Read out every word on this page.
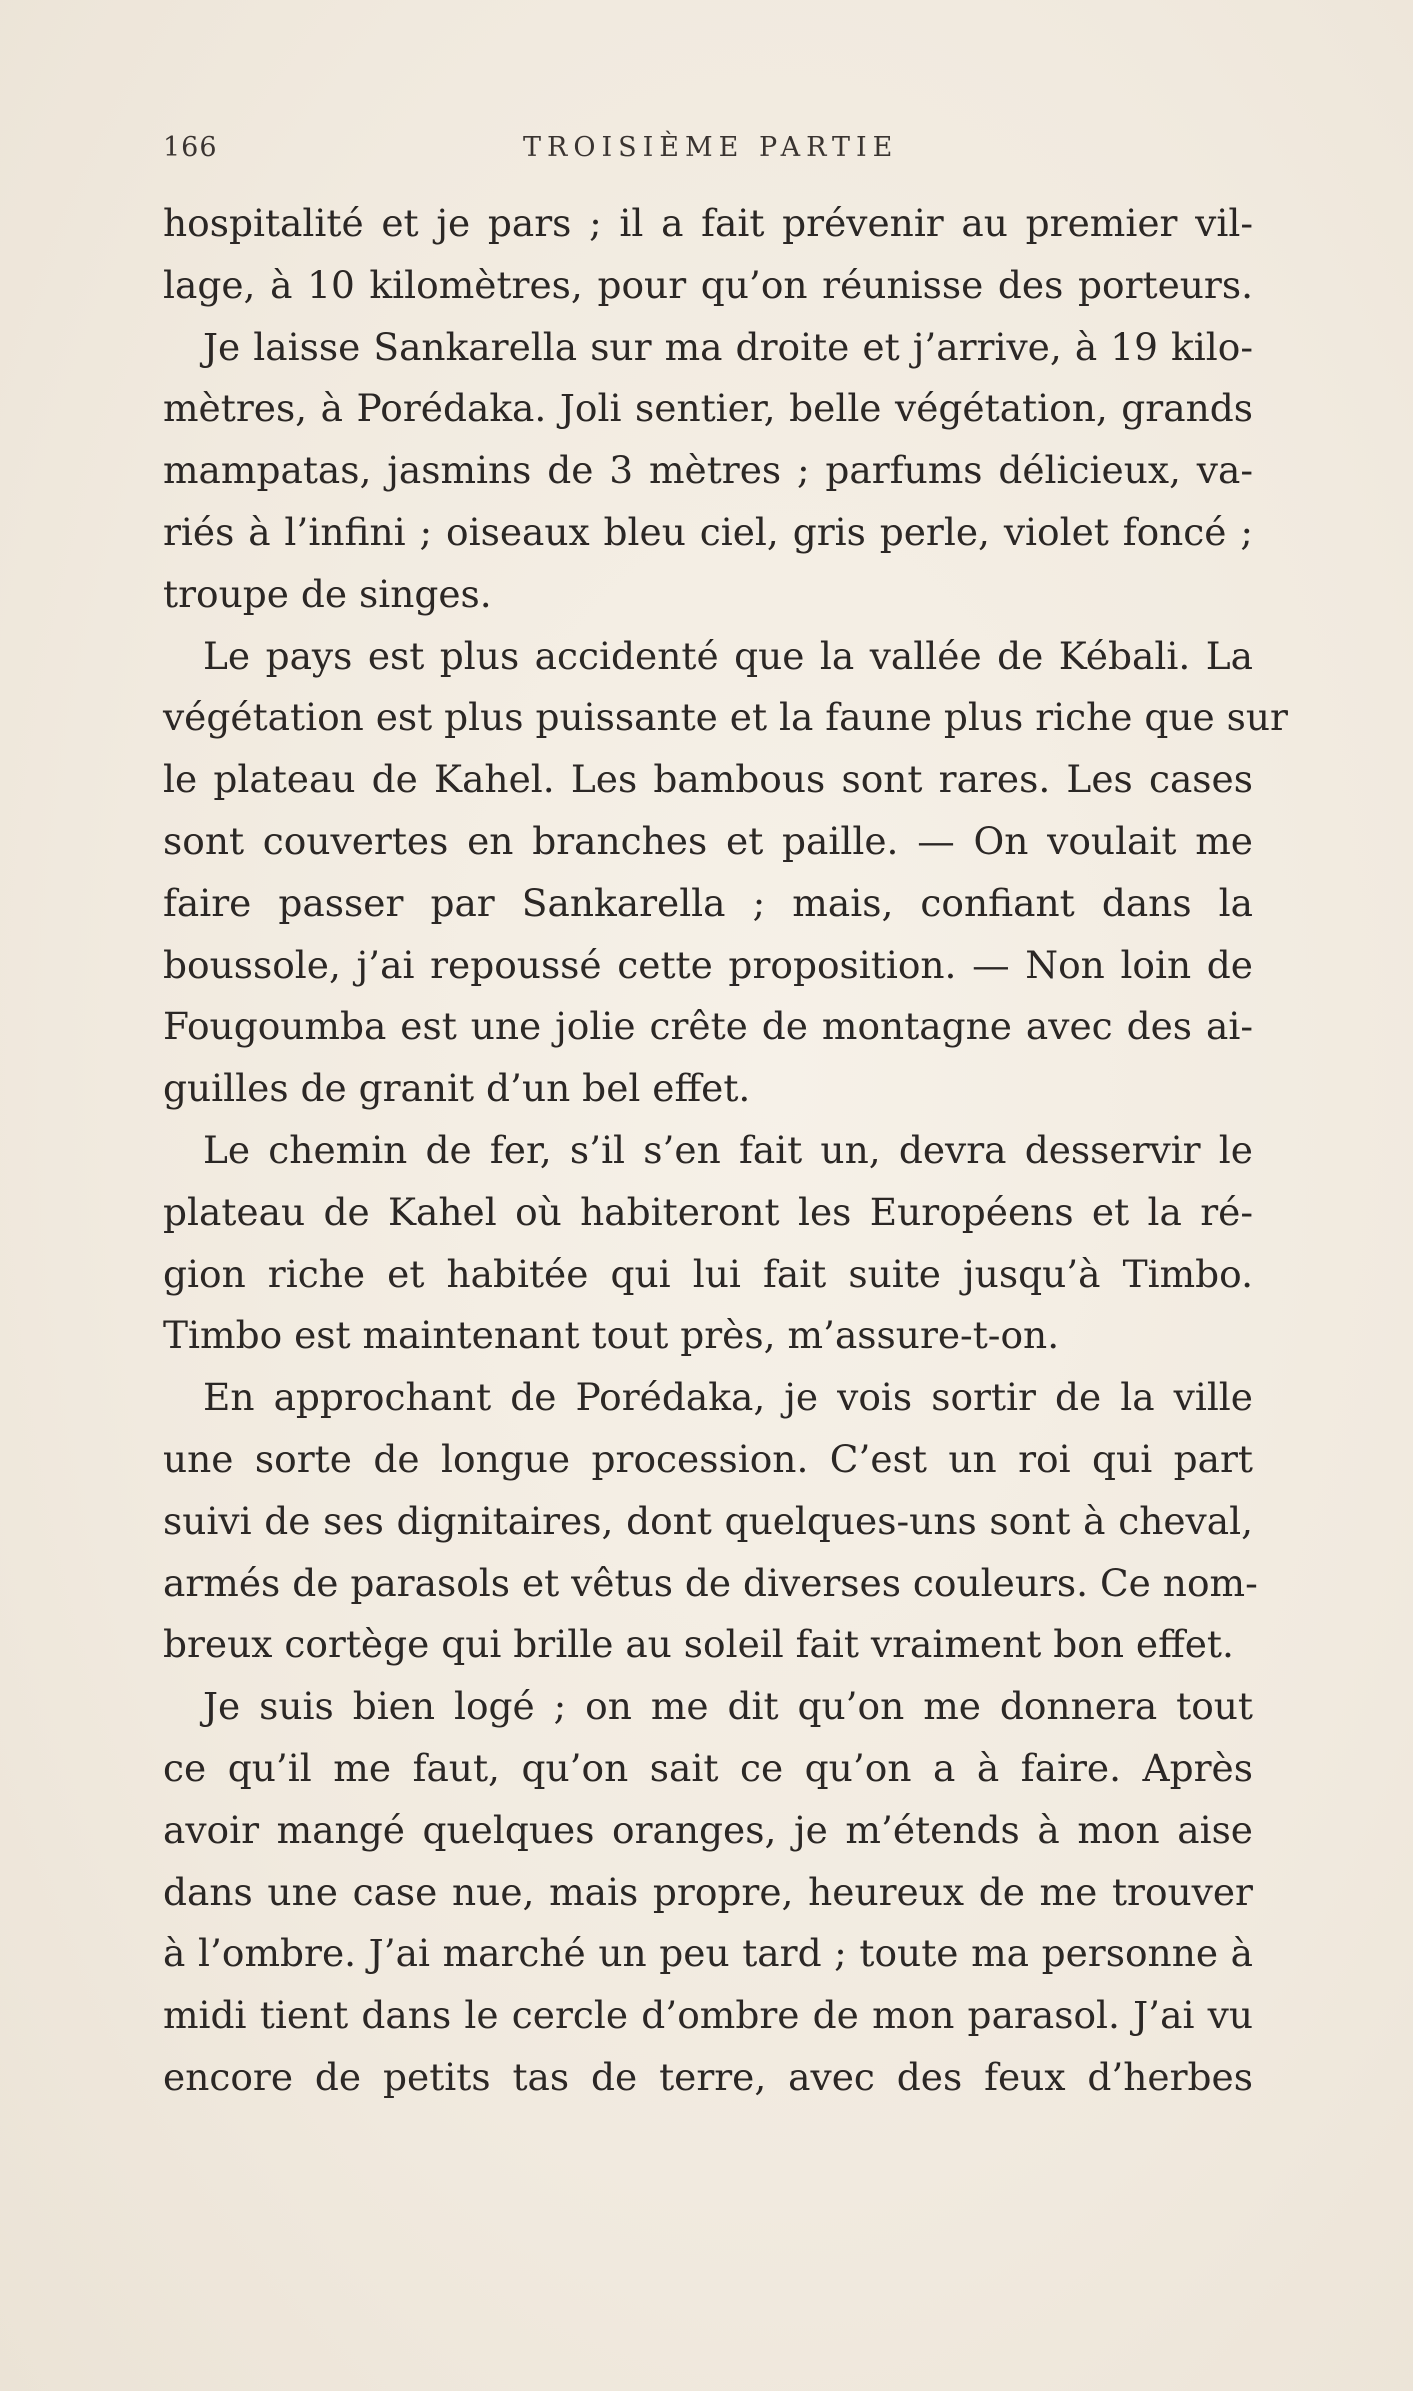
166	TROISIÈME PARTIE
hospitalité et je pars ; il a fait prévenir au premier vil-
lage, à 10 kilomètres, pour qu’on réunisse des porteurs.
Je laisse Sankarella sur ma droite et j’arrive, à 19 kilo-
mètres, à Porédaka. Joli sentier, belle végétation, grands
mampatas, jasmins de 3 mètres ; parfums délicieux, va-
riés à l’infini ; oiseaux bleu ciel, gris perle, violet foncé ;
troupe de singes.
Le pays est plus accidenté que la vallée de Kébali. La
végétation est plus puissante et la faune plus riche que sur
le plateau de Kahel. Les bambous sont rares. Les cases
sont couvertes en branches et paille. — On voulait me
faire passer par Sankarella ; mais, confiant dans la
boussole, j’ai repoussé cette proposition. — Non loin de
Fougoumba est une jolie crête de montagne avec des ai-
guilles de granit d’un bel effet.
Le chemin de fer, s’il s’en fait un, devra desservir le
plateau de Kahel où habiteront les Européens et la ré-
gion riche et habitée qui lui fait suite jusqu’à Timbo.
Timbo est maintenant tout près, m’assure-t-on.
En approchant de Porédaka, je vois sortir de la ville
une sorte de longue procession. C’est un roi qui part
suivi de ses dignitaires, dont quelques-uns sont à cheval,
armés de parasols et vêtus de diverses couleurs. Ce nom-
breux cortège qui brille au soleil fait vraiment bon effet.
Je suis bien logé ; on me dit qu’on me donnera tout
ce qu’il me faut, qu’on sait ce qu’on a à faire. Après
avoir mangé quelques oranges, je m’étends à mon aise
dans une case nue, mais propre, heureux de me trouver
à l’ombre. J’ai marché un peu tard ; toute ma personne à
midi tient dans le cercle d’ombre de mon parasol. J’ai vu
encore de petits tas de terre, avec des feux d’herbes
